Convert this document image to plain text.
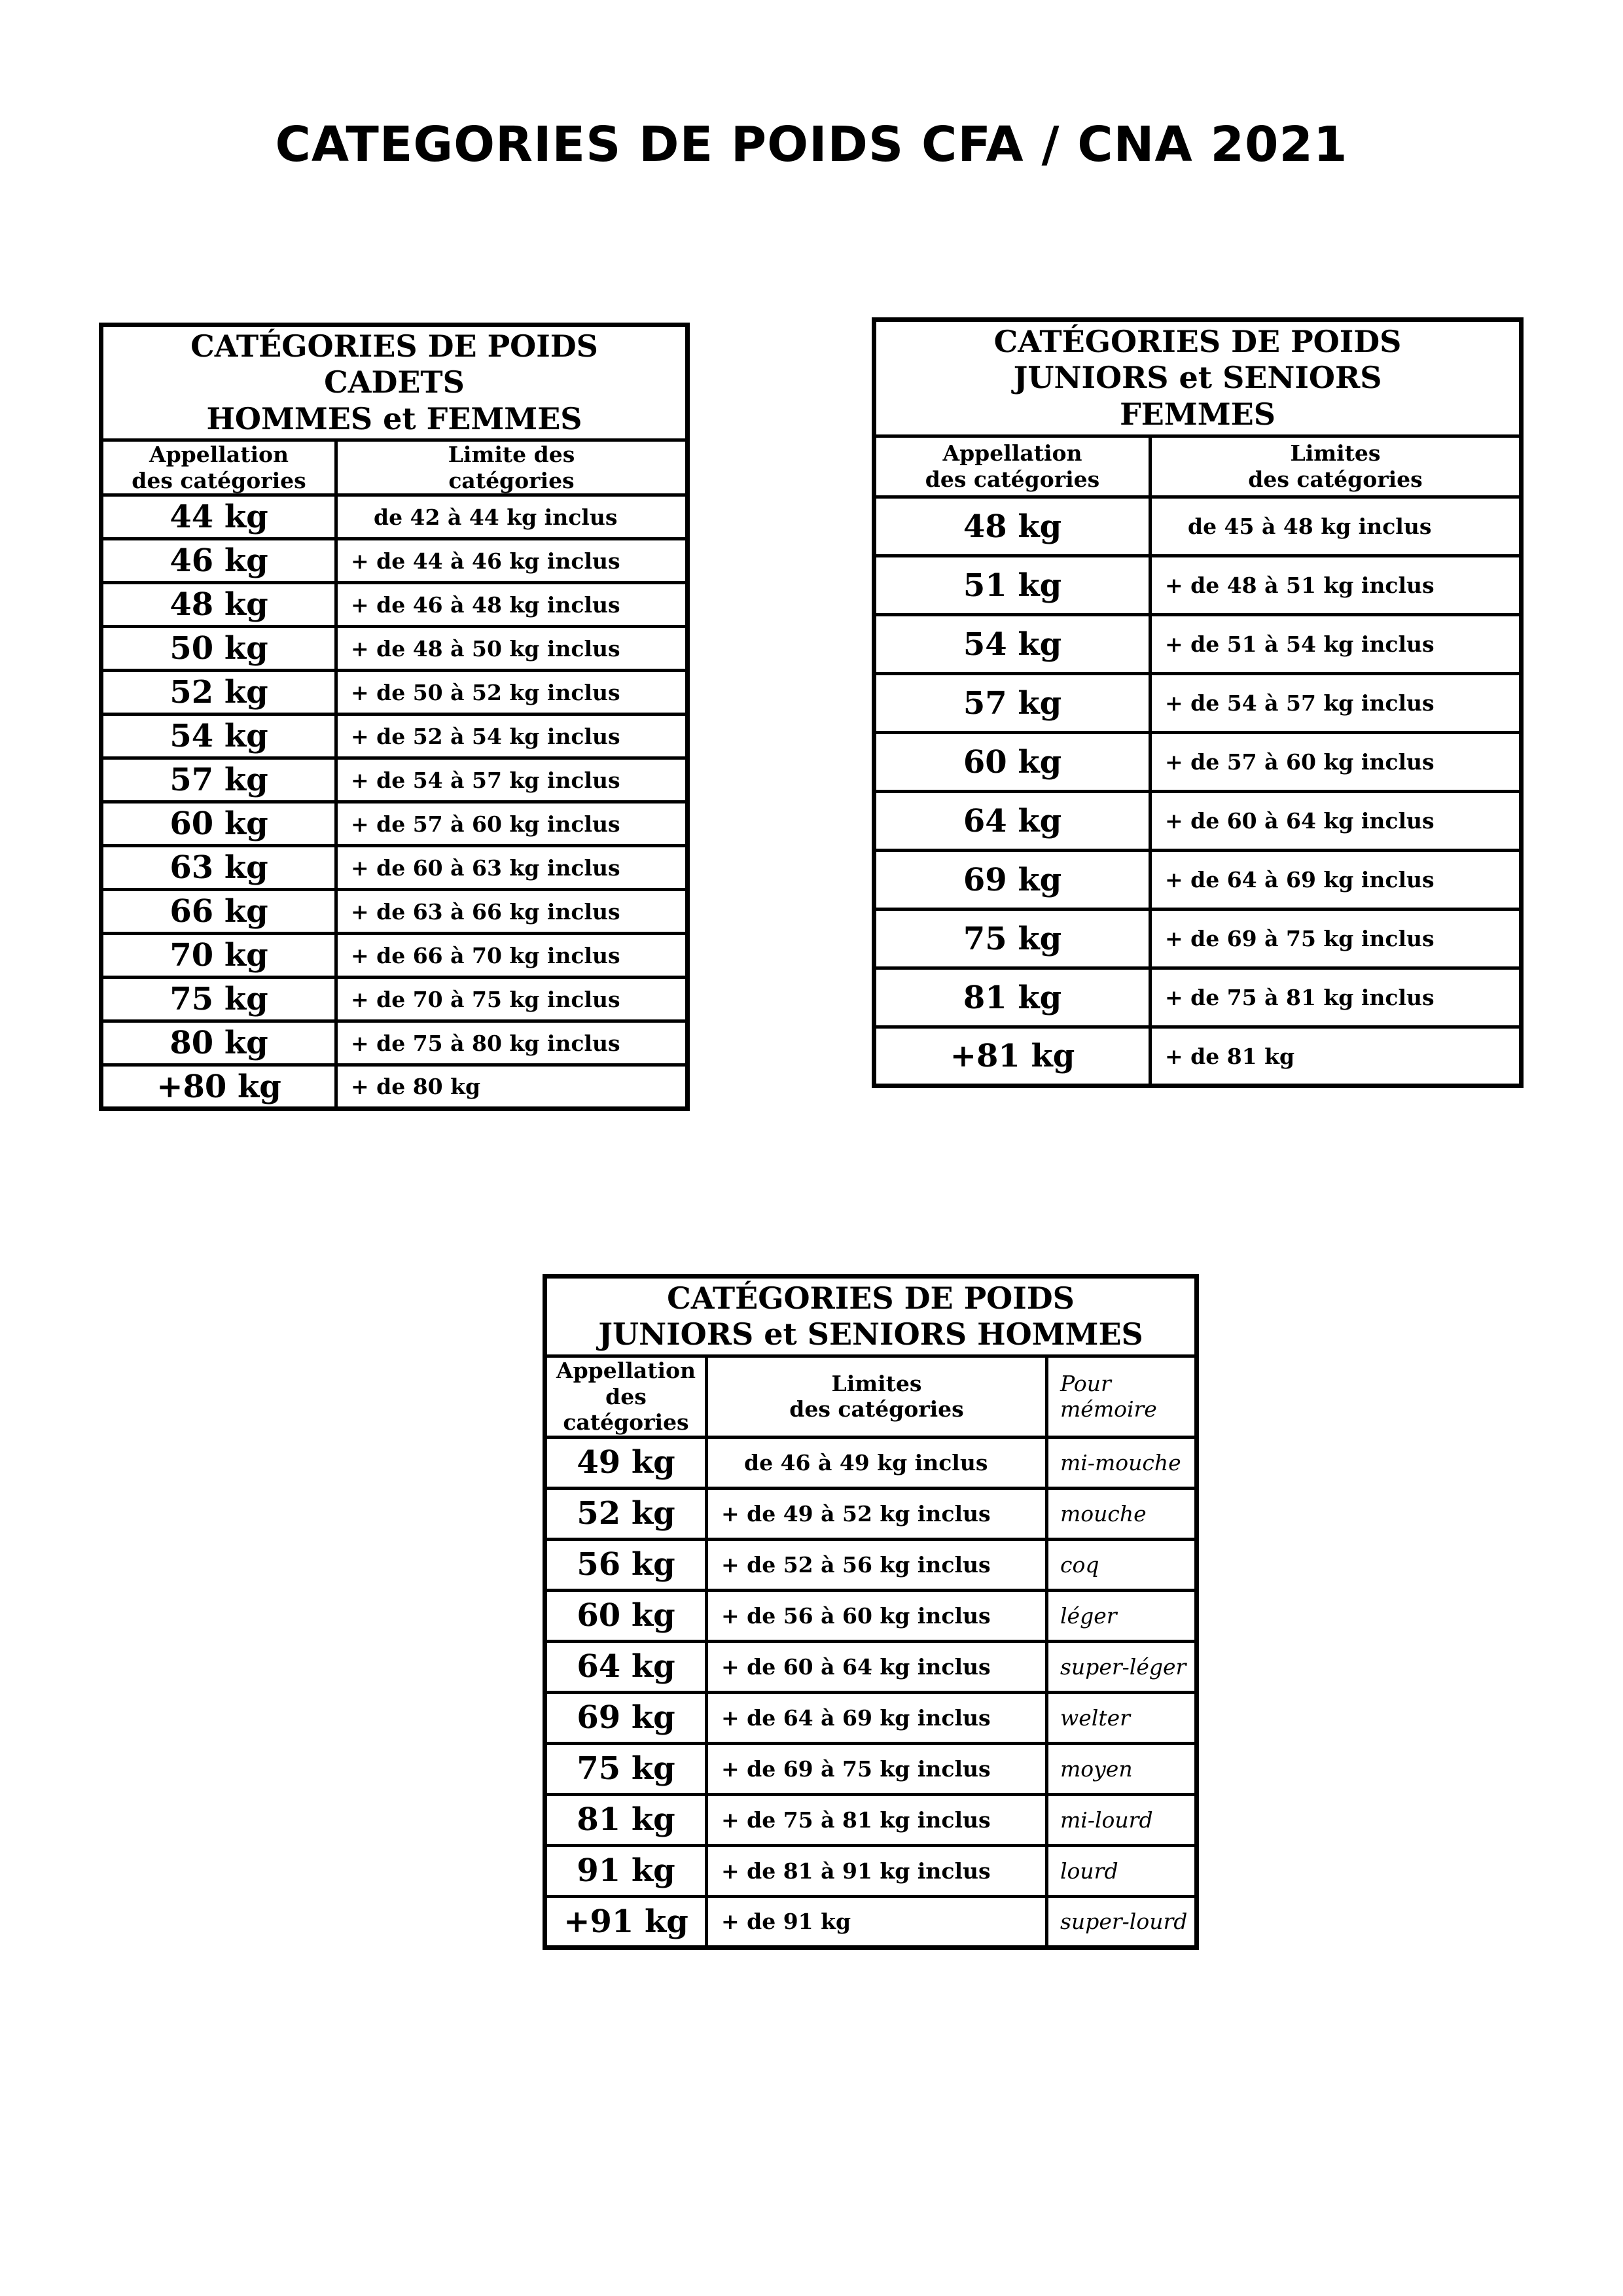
CATEGORIES DE POIDS CFA / CNA 2021
CATÉGORIES DE POIDS
CADETS
HOMMES et FEMMES	

Appellation
des catégories	Limite des
catégories

44 kg	de 42 à 44 kg inclus
46 kg	+ de 44 à 46 kg inclus
48 kg	+ de 46 à 48 kg inclus
50 kg	+ de 48 à 50 kg inclus
52 kg	+ de 50 à 52 kg inclus
54 kg	+ de 52 à 54 kg inclus
57 kg	+ de 54 à 57 kg inclus
60 kg	+ de 57 à 60 kg inclus
63 kg	+ de 60 à 63 kg inclus
66 kg	+ de 63 à 66 kg inclus
70 kg	+ de 66 à 70 kg inclus
75 kg	+ de 70 à 75 kg inclus
80 kg	+ de 75 à 80 kg inclus
+80 kg	+ de 80 kg
CATÉGORIES DE POIDS
JUNIORS et SENIORS
FEMMES	

Appellation
des catégories	Limites
des catégories

48 kg	de 45 à 48 kg inclus
51 kg	+ de 48 à 51 kg inclus
54 kg	+ de 51 à 54 kg inclus
57 kg	+ de 54 à 57 kg inclus
60 kg	+ de 57 à 60 kg inclus
64 kg	+ de 60 à 64 kg inclus
69 kg	+ de 64 à 69 kg inclus
75 kg	+ de 69 à 75 kg inclus
81 kg	+ de 75 à 81 kg inclus
+81 kg	+ de 81 kg
CATÉGORIES DE POIDS
JUNIORS et SENIORS HOMMES		

Appellation
des
catégories	Limites
des catégories	Pour
mémoire

49 kg	de 46 à 49 kg inclus	mi-mouche
52 kg	+ de 49 à 52 kg inclus	mouche
56 kg	+ de 52 à 56 kg inclus	coq
60 kg	+ de 56 à 60 kg inclus	léger
64 kg	+ de 60 à 64 kg inclus	super-léger
69 kg	+ de 64 à 69 kg inclus	welter
75 kg	+ de 69 à 75 kg inclus	moyen
81 kg	+ de 75 à 81 kg inclus	mi-lourd
91 kg	+ de 81 à 91 kg inclus	lourd
+91 kg	+ de 91 kg	super-lourd
